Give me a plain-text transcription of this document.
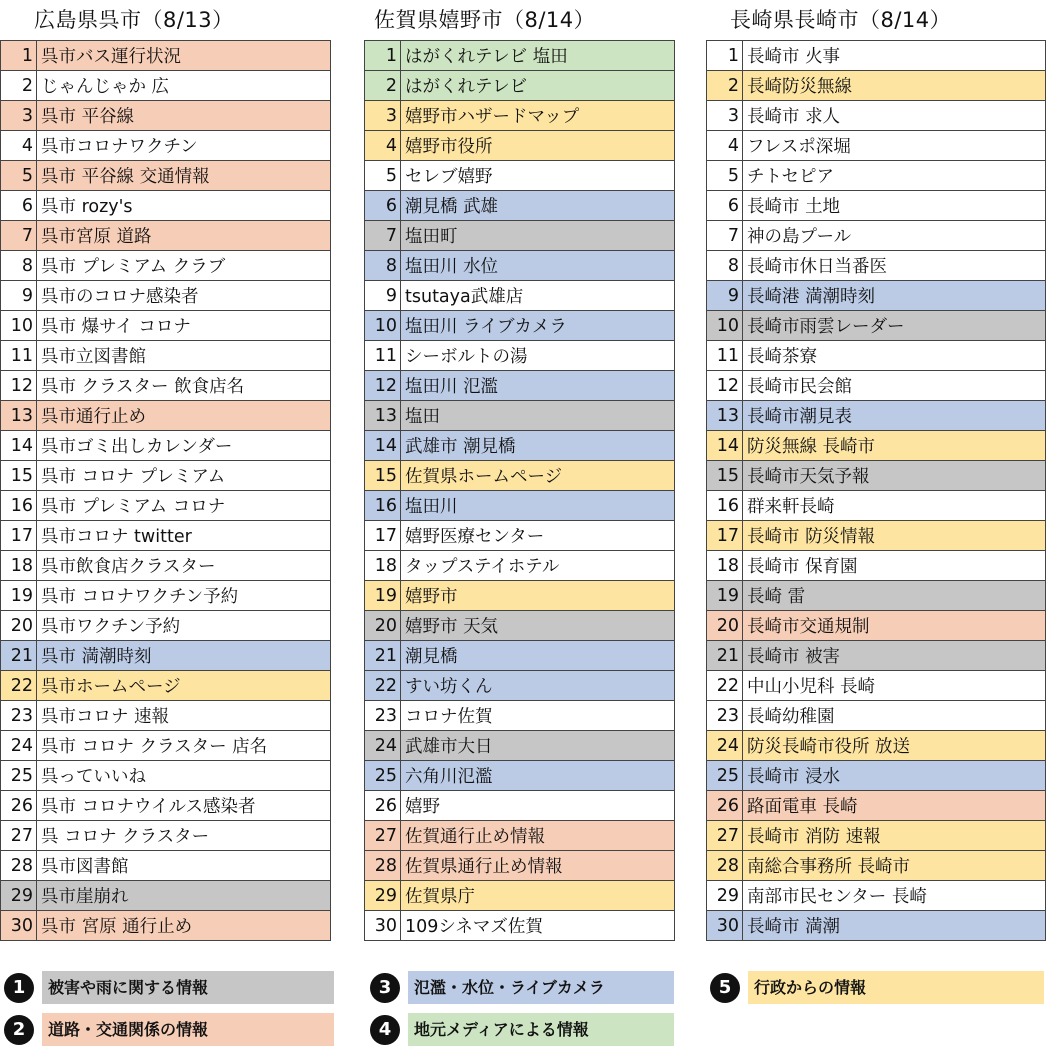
広島県呉市（8/13）
1	呉市バス運行状況
2	じゃんじゃか 広
3	呉市 平谷線
4	呉市コロナワクチン
5	呉市 平谷線 交通情報
6	呉市 rozy's
7	呉市宮原 道路
8	呉市 プレミアム クラブ
9	呉市のコロナ感染者
10	呉市 爆サイ コロナ
11	呉市立図書館
12	呉市 クラスター 飲食店名
13	呉市通行止め
14	呉市ゴミ出しカレンダー
15	呉市 コロナ プレミアム
16	呉市 プレミアム コロナ
17	呉市コロナ twitter
18	呉市飲食店クラスター
19	呉市 コロナワクチン予約
20	呉市ワクチン予約
21	呉市 満潮時刻
22	呉市ホームページ
23	呉市コロナ 速報
24	呉市 コロナ クラスター 店名
25	呉っていいね
26	呉市 コロナウイルス感染者
27	呉 コロナ クラスター
28	呉市図書館
29	呉市崖崩れ
30	呉市 宮原 通行止め
佐賀県嬉野市（8/14）
1	はがくれテレビ 塩田
2	はがくれテレビ
3	嬉野市ハザードマップ
4	嬉野市役所
5	セレブ嬉野
6	潮見橋 武雄
7	塩田町
8	塩田川 水位
9	tsutaya武雄店
10	塩田川 ライブカメラ
11	シーボルトの湯
12	塩田川 氾濫
13	塩田
14	武雄市 潮見橋
15	佐賀県ホームページ
16	塩田川
17	嬉野医療センター
18	タップステイホテル
19	嬉野市
20	嬉野市 天気
21	潮見橋
22	すい坊くん
23	コロナ佐賀
24	武雄市大日
25	六角川氾濫
26	嬉野
27	佐賀通行止め情報
28	佐賀県通行止め情報
29	佐賀県庁
30	109シネマズ佐賀
長崎県長崎市（8/14）
1	長崎市 火事
2	長崎防災無線
3	長崎市 求人
4	フレスポ深堀
5	チトセピア
6	長崎市 土地
7	神の島プール
8	長崎市休日当番医
9	長崎港 満潮時刻
10	長崎市雨雲レーダー
11	長崎茶寮
12	長崎市民会館
13	長崎市潮見表
14	防災無線 長崎市
15	長崎市天気予報
16	群来軒長崎
17	長崎市 防災情報
18	長崎市 保育園
19	長崎 雷
20	長崎市交通規制
21	長崎市 被害
22	中山小児科 長崎
23	長崎幼稚園
24	防災長崎市役所 放送
25	長崎市 浸水
26	路面電車 長崎
27	長崎市 消防 速報
28	南総合事務所 長崎市
29	南部市民センター 長崎
30	長崎市 満潮
1	被害や雨に関する情報
2	道路・交通関係の情報
3	氾濫・水位・ライブカメラ
4	地元メディアによる情報
5	行政からの情報
